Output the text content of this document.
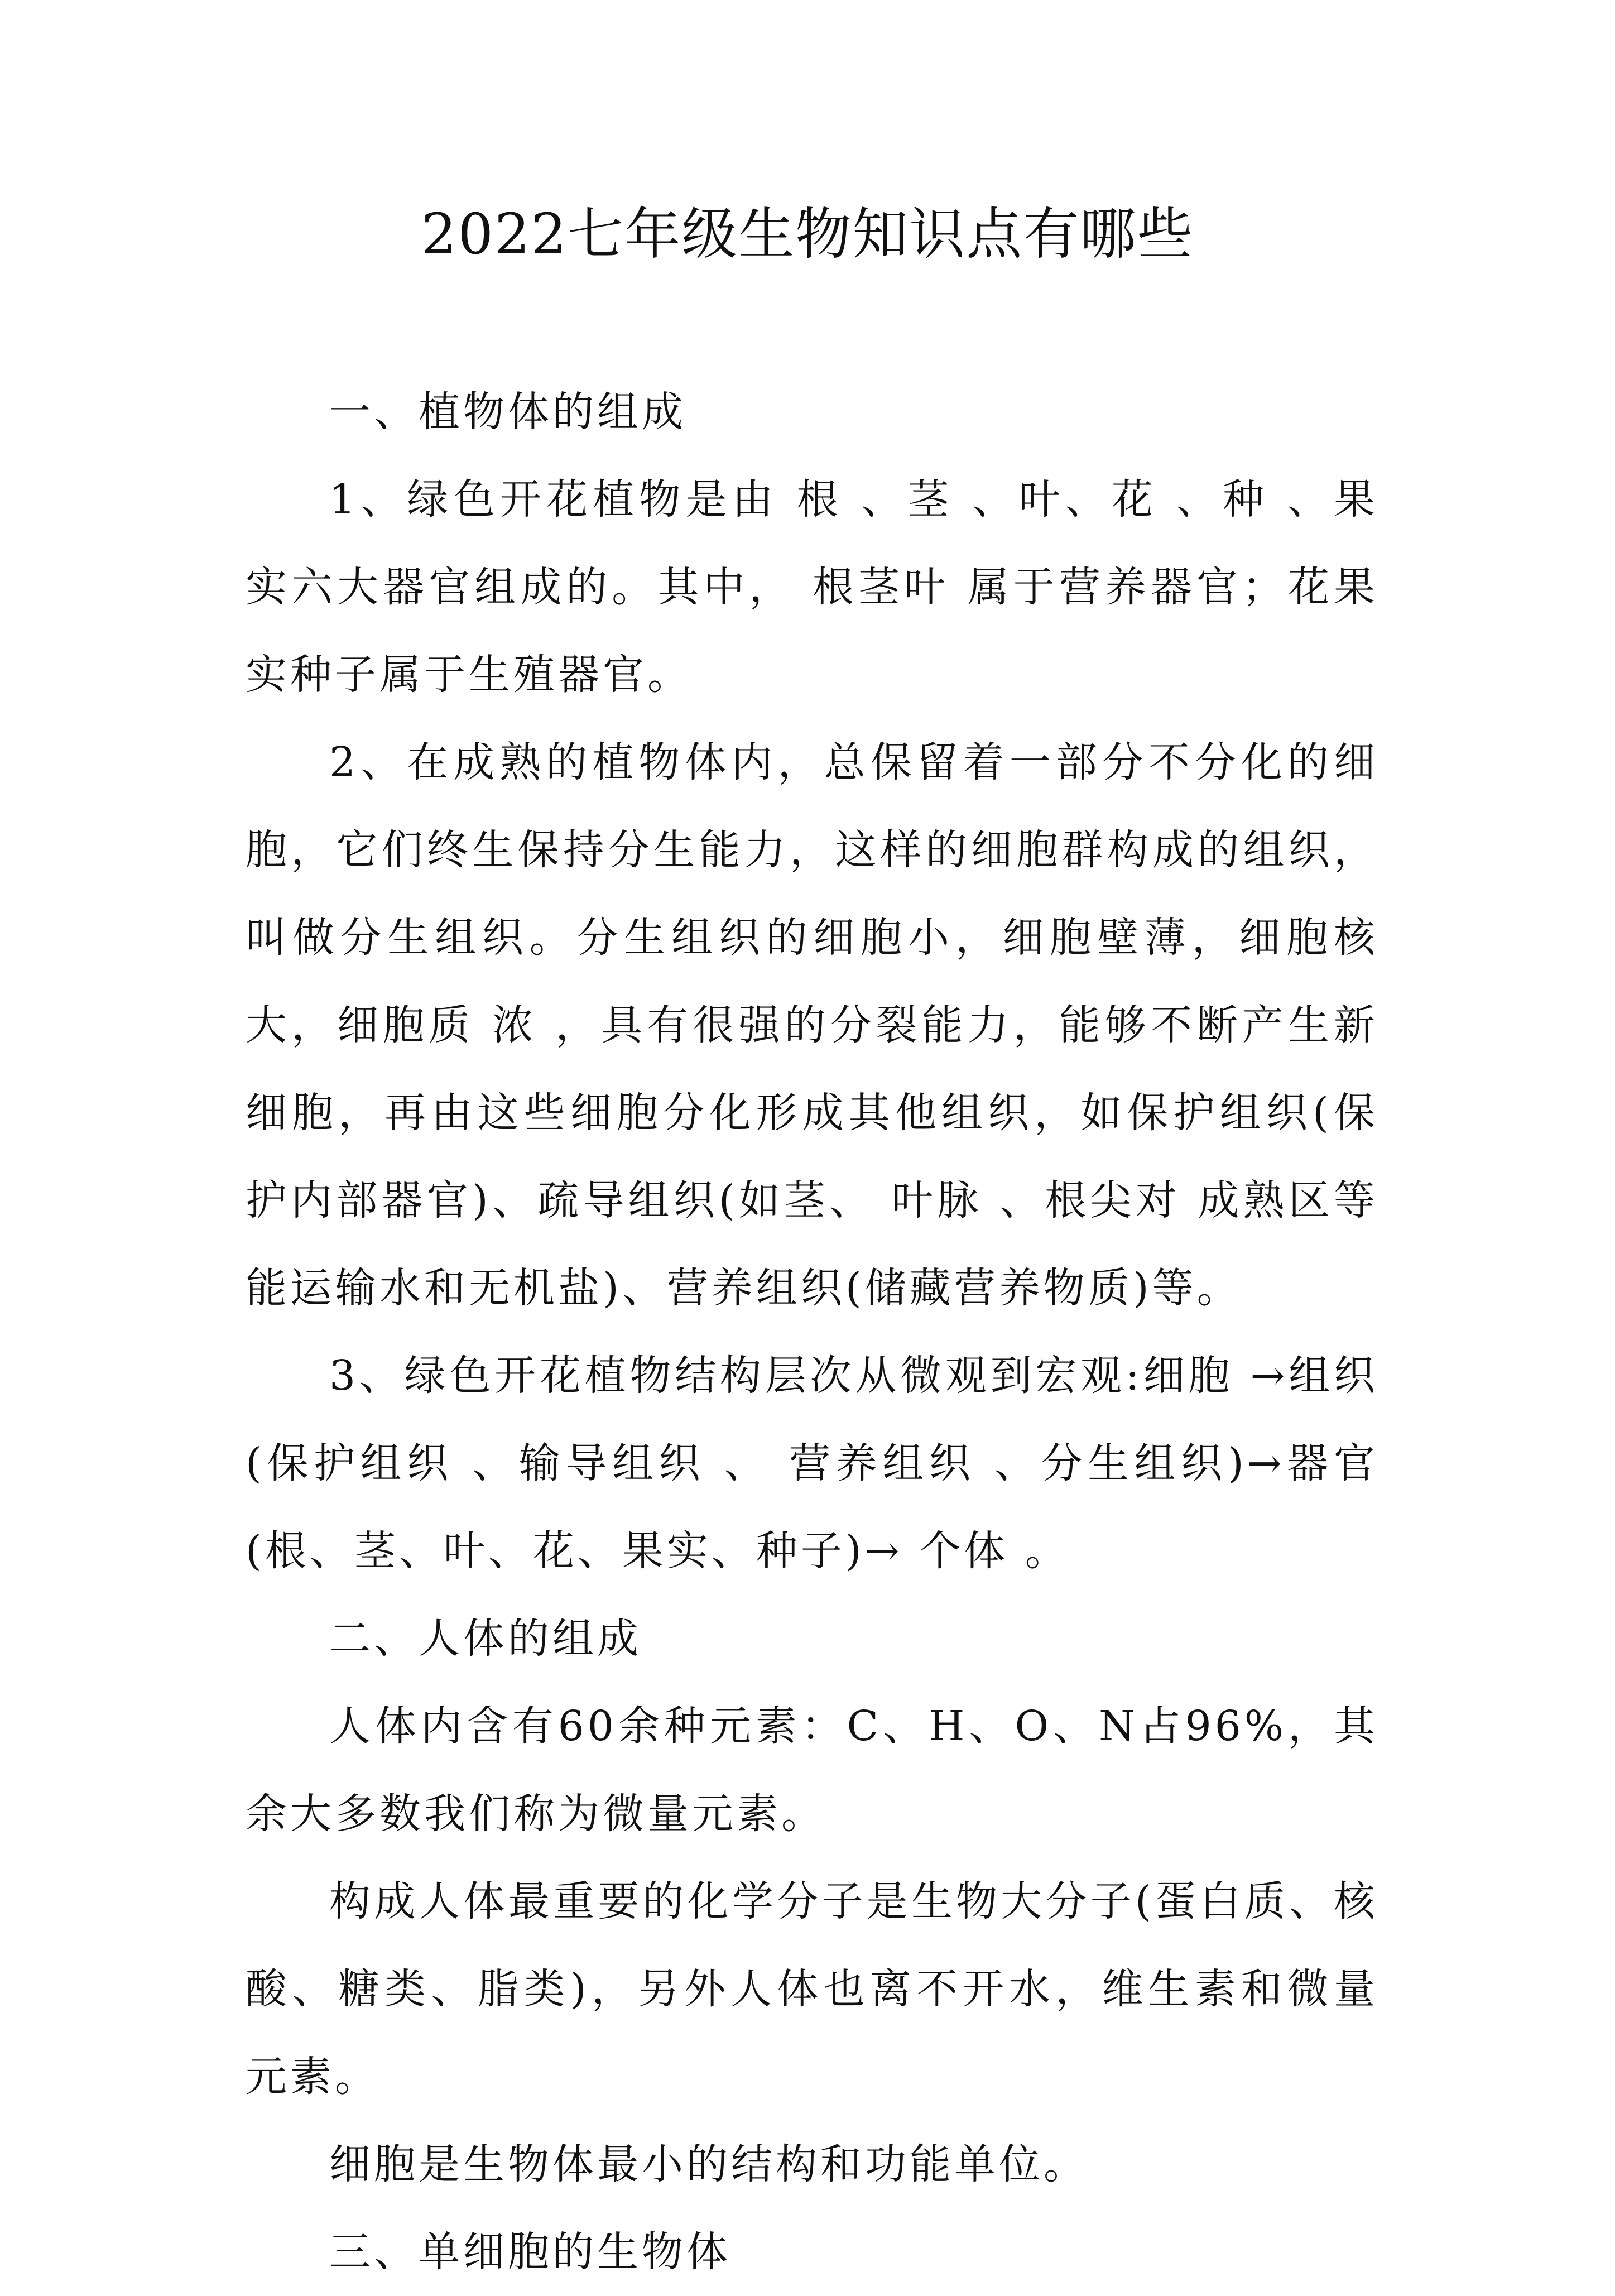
2022七年级生物知识点有哪些

一、植物体的组成

1、绿色开花植物是由 根 、茎 、叶、花 、种 、果实六大器官组成的。其中， 根茎叶 属于营养器官；花果实种子属于生殖器官。

2、在成熟的植物体内，总保留着一部分不分化的细胞，它们终生保持分生能力，这样的细胞群构成的组织，叫做分生组织。分生组织的细胞小，细胞壁薄，细胞核大，细胞质 浓 ，具有很强的分裂能力，能够不断产生新细胞，再由这些细胞分化形成其他组织，如保护组织(保护内部器官)、疏导组织(如茎、 叶脉 、根尖对 成熟区等能运输水和无机盐)、营养组织(储藏营养物质)等。

3、绿色开花植物结构层次从微观到宏观:细胞 →组织(保护组织 、输导组织 、 营养组织 、分生组织)→器官(根、茎、叶、花、果实、种子)→ 个体 。

二、人体的组成

人体内含有60余种元素：C、H、O、N占96%，其余大多数我们称为微量元素。

构成人体最重要的化学分子是生物大分子(蛋白质、核酸、糖类、脂类)，另外人体也离不开水，维生素和微量元素。

细胞是生物体最小的结构和功能单位。

三、单细胞的生物体
